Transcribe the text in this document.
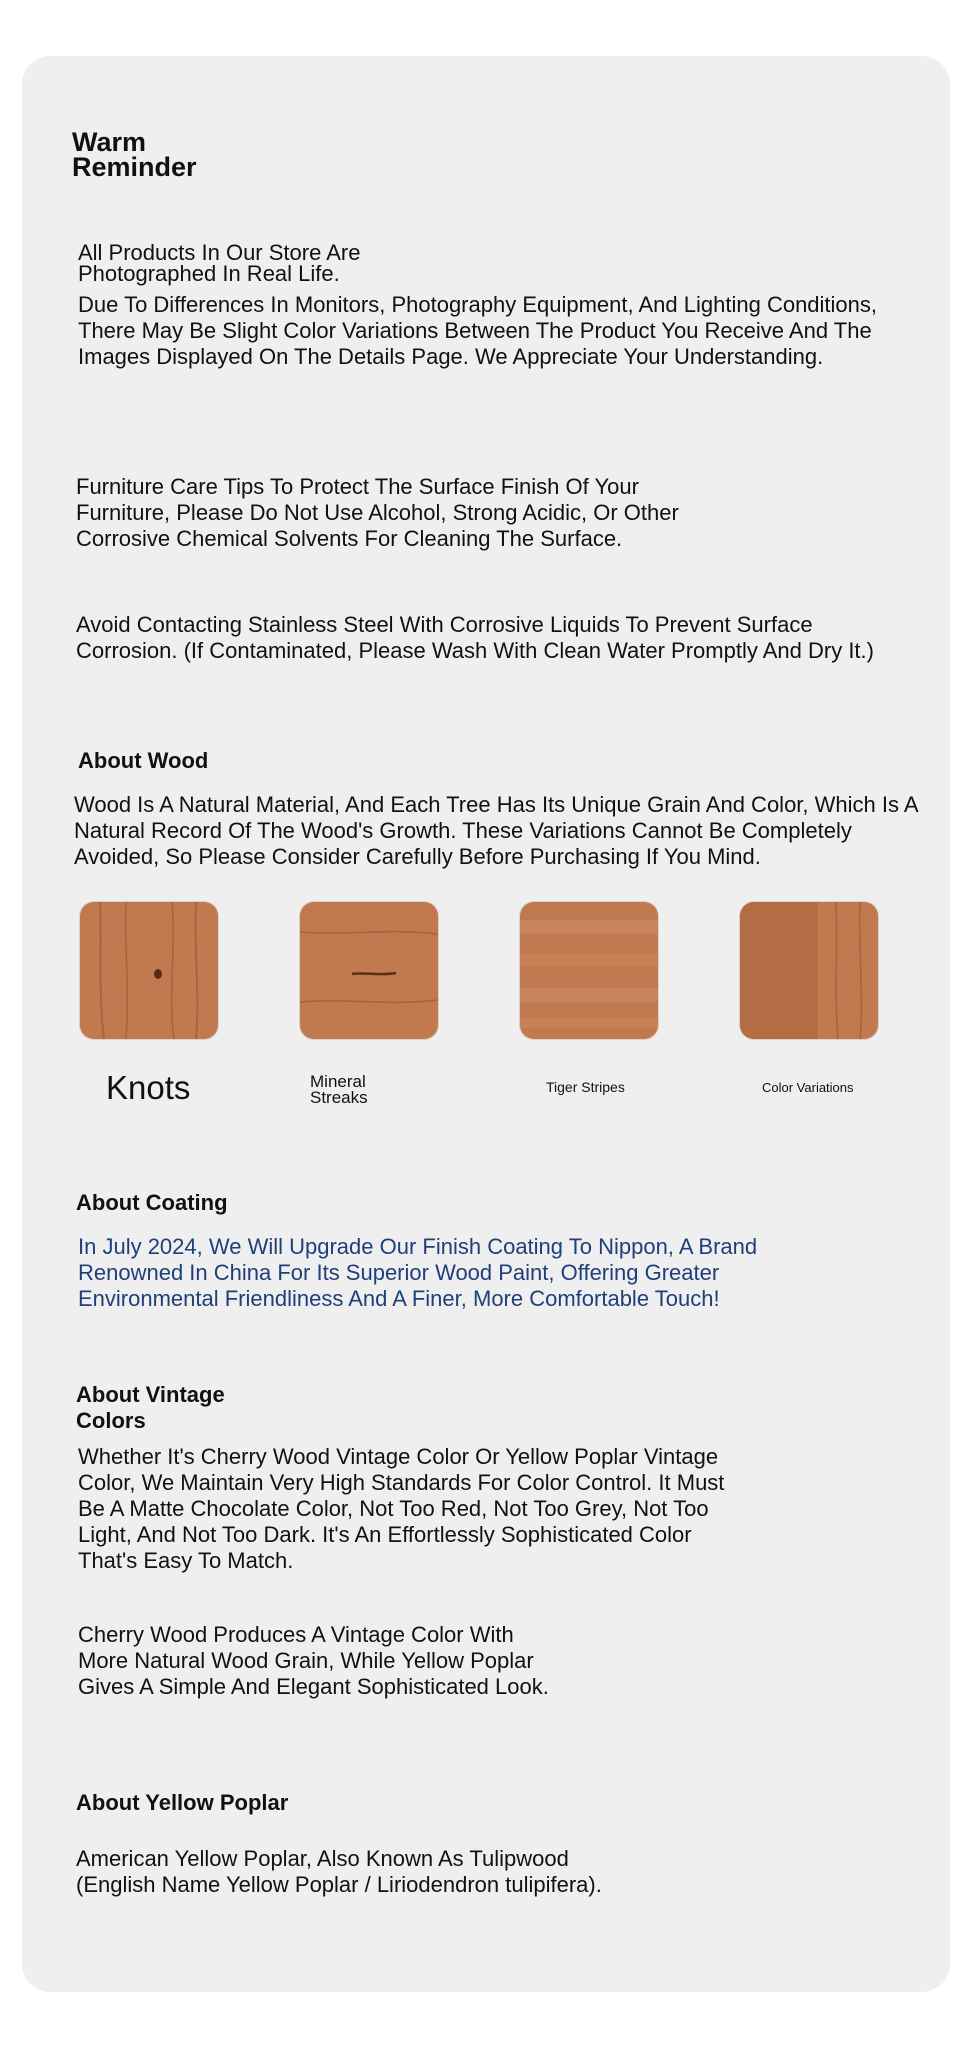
Warm
Reminder
All Products In Our Store Are
Photographed In Real Life.
Due To Differences In Monitors, Photography Equipment, And Lighting Conditions,
There May Be Slight Color Variations Between The Product You Receive And The
Images Displayed On The Details Page. We Appreciate Your Understanding.
Furniture Care Tips To Protect The Surface Finish Of Your
Furniture, Please Do Not Use Alcohol, Strong Acidic, Or Other
Corrosive Chemical Solvents For Cleaning The Surface.
Avoid Contacting Stainless Steel With Corrosive Liquids To Prevent Surface
Corrosion. (If Contaminated, Please Wash With Clean Water Promptly And Dry It.)
About Wood
Wood Is A Natural Material, And Each Tree Has Its Unique Grain And Color, Which Is A
Natural Record Of The Wood's Growth. These Variations Cannot Be Completely
Avoided, So Please Consider Carefully Before Purchasing If You Mind.
Knots	Mineral
Streaks
Tiger Stripes	Color Variations
About Coating
In July 2024, We Will Upgrade Our Finish Coating To Nippon, A Brand
Renowned In China For Its Superior Wood Paint, Offering Greater
Environmental Friendliness And A Finer, More Comfortable Touch!
About Vintage
Colors
Whether It's Cherry Wood Vintage Color Or Yellow Poplar Vintage
Color, We Maintain Very High Standards For Color Control. It Must
Be A Matte Chocolate Color, Not Too Red, Not Too Grey, Not Too
Light, And Not Too Dark. It's An Effortlessly Sophisticated Color
That's Easy To Match.
Cherry Wood Produces A Vintage Color With
More Natural Wood Grain, While Yellow Poplar
Gives A Simple And Elegant Sophisticated Look.
About Yellow Poplar
American Yellow Poplar, Also Known As Tulipwood
(English Name Yellow Poplar / Liriodendron tulipifera).
